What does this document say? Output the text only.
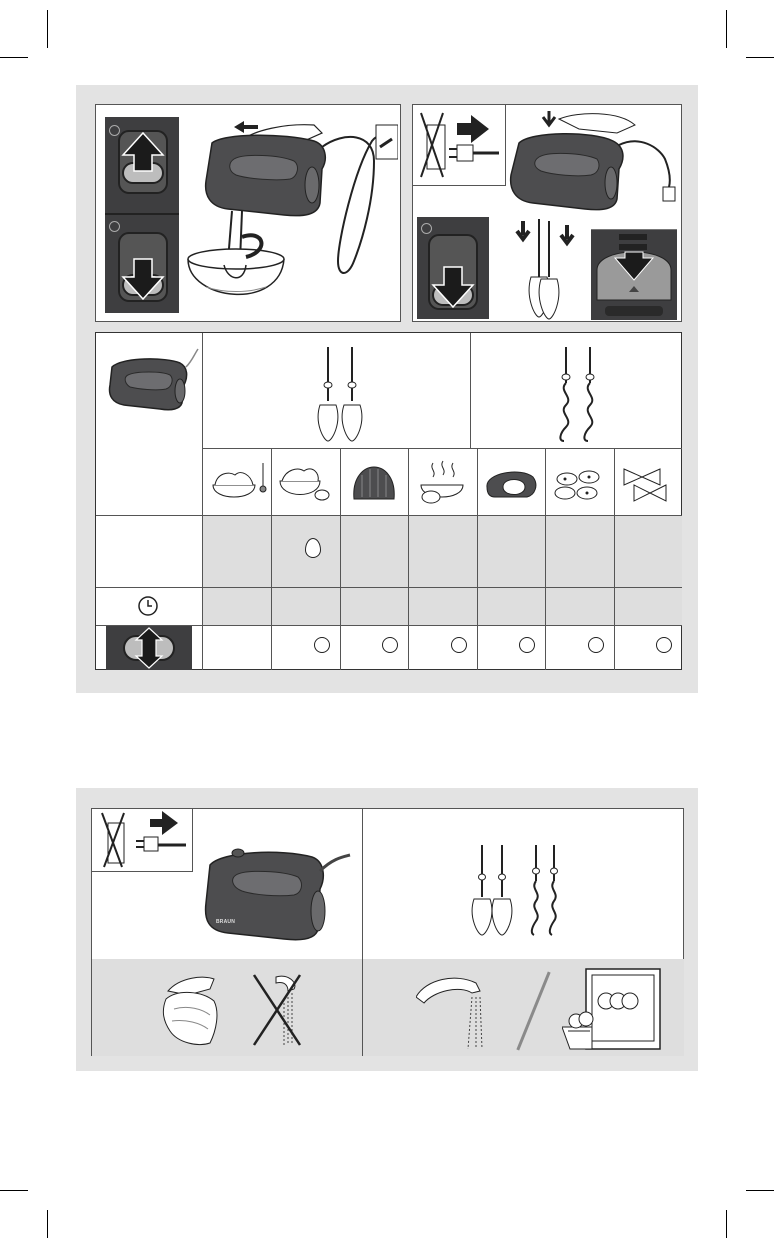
BRAUN
